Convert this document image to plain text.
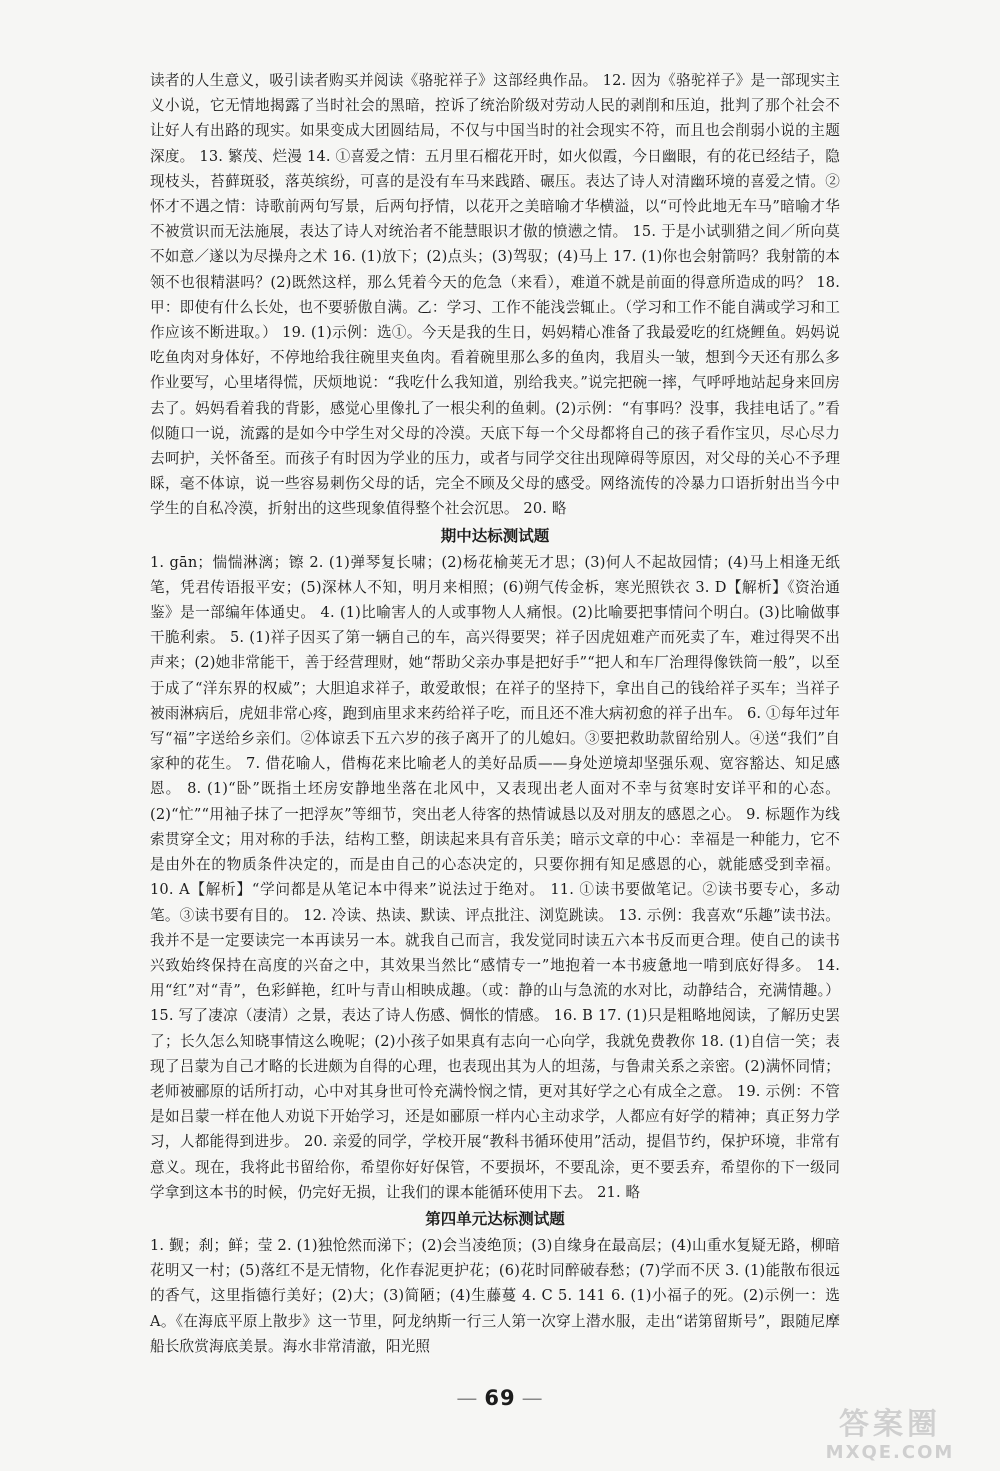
读者的人生意义，吸引读者购买并阅读《骆驼祥子》这部经典作品。 12. 因为《骆驼祥子》是一部现实主义小说，它无情地揭露了当时社会的黑暗，控诉了统治阶级对劳动人民的剥削和压迫，批判了那个社会不让好人有出路的现实。如果变成大团圆结局，不仅与中国当时的社会现实不符，而且也会削弱小说的主题深度。 13. 繁茂、烂漫 14. ①喜爱之情：五月里石榴花开时，如火似霞，今日幽眼，有的花已经结子，隐现枝头，苔藓斑驳，落英缤纷，可喜的是没有车马来践踏、碾压。表达了诗人对清幽环境的喜爱之情。②怀才不遇之情：诗歌前两句写景，后两句抒情，以花开之美暗喻才华横溢，以“可怜此地无车马”暗喻才华不被赏识而无法施展，表达了诗人对统治者不能慧眼识才傲的愤懑之情。 15. 于是小试驯猎之间／所向莫不如意／遂以为尽操舟之术 16. (1)放下；(2)点头；(3)驾驭；(4)马上 17. (1)你也会射箭吗？我射箭的本领不也很精湛吗？(2)既然这样，那么凭着今天的危急（来看），难道不就是前面的得意所造成的吗？ 18. 甲：即使有什么长处，也不要骄傲自满。乙：学习、工作不能浅尝辄止。（学习和工作不能自满或学习和工作应该不断进取。） 19. (1)示例：选①。今天是我的生日，妈妈精心准备了我最爱吃的红烧鲤鱼。妈妈说吃鱼肉对身体好，不停地给我往碗里夹鱼肉。看着碗里那么多的鱼肉，我眉头一皱，想到今天还有那么多作业要写，心里堵得慌，厌烦地说：“我吃什么我知道，别给我夹。”说完把碗一摔，气呼呼地站起身来回房去了。妈妈看着我的背影，感觉心里像扎了一根尖利的鱼刺。(2)示例：“有事吗？没事，我挂电话了。”看似随口一说，流露的是如今中学生对父母的冷漠。天底下每一个父母都将自己的孩子看作宝贝，尽心尽力去呵护，关怀备至。而孩子有时因为学业的压力，或者与同学交往出现障碍等原因，对父母的关心不予理睬，毫不体谅，说一些容易刺伤父母的话，完全不顾及父母的感受。网络流传的冷暴力口语折射出当今中学生的自私冷漠，折射出的这些现象值得整个社会沉思。 20. 略

期中达标测试题

1. gān；惴惴淋漓；镲 2. (1)弹琴复长啸；(2)杨花榆荚无才思；(3)何人不起故园情；(4)马上相逢无纸笔，凭君传语报平安；(5)深林人不知，明月来相照；(6)朔气传金柝，寒光照铁衣 3. D【解析】《资治通鉴》是一部编年体通史。 4. (1)比喻害人的人或事物人人痛恨。(2)比喻要把事情问个明白。(3)比喻做事干脆利索。 5. (1)祥子因买了第一辆自己的车，高兴得要哭；祥子因虎妞难产而死卖了车，难过得哭不出声来；(2)她非常能干，善于经营理财，她“帮助父亲办事是把好手”“把人和车厂治理得像铁筒一般”，以至于成了“洋东界的权威”；大胆追求祥子，敢爱敢恨；在祥子的坚持下，拿出自己的钱给祥子买车；当祥子被雨淋病后，虎妞非常心疼，跑到庙里求来药给祥子吃，而且还不准大病初愈的祥子出车。 6. ①每年过年写“福”字送给乡亲们。②体谅丢下五六岁的孩子离开了的儿媳妇。③要把救助款留给别人。④送“我们”自家种的花生。 7. 借花喻人，借梅花来比喻老人的美好品质——身处逆境却坚强乐观、宽容豁达、知足感恩。 8. (1)“卧”既指土坯房安静地坐落在北风中，又表现出老人面对不幸与贫寒时安详平和的心态。(2)“忙”“用袖子抹了一把浮灰”等细节，突出老人待客的热情诚恳以及对朋友的感恩之心。 9. 标题作为线索贯穿全文；用对称的手法，结构工整，朗读起来具有音乐美；暗示文章的中心：幸福是一种能力，它不是由外在的物质条件决定的，而是由自己的心态决定的，只要你拥有知足感恩的心，就能感受到幸福。 10. A【解析】“学问都是从笔记本中得来”说法过于绝对。 11. ①读书要做笔记。②读书要专心，多动笔。③读书要有目的。 12. 冷读、热读、默读、评点批注、浏览跳读。 13. 示例：我喜欢“乐趣”读书法。我并不是一定要读完一本再读另一本。就我自己而言，我发觉同时读五六本书反而更合理。使自己的读书兴致始终保持在高度的兴奋之中，其效果当然比“感情专一”地抱着一本书疲惫地一啃到底好得多。 14. 用“红”对“青”，色彩鲜艳，红叶与青山相映成趣。（或：静的山与急流的水对比，动静结合，充满情趣。） 15. 写了凄凉（凄清）之景，表达了诗人伤感、惆怅的情感。 16. B 17. (1)只是粗略地阅读，了解历史罢了；长久怎么知晓事情这么晚呢；(2)小孩子如果真有志向一心向学，我就免费教你 18. (1)自信一笑；表现了吕蒙为自己才略的长进颇为自得的心理，也表现出其为人的坦荡，与鲁肃关系之亲密。(2)满怀同情；老师被郦原的话所打动，心中对其身世可怜充满怜悯之情，更对其好学之心有成全之意。 19. 示例：不管是如吕蒙一样在他人劝说下开始学习，还是如郦原一样内心主动求学，人都应有好学的精神；真正努力学习，人都能得到进步。 20. 亲爱的同学，学校开展“教科书循环使用”活动，提倡节约，保护环境，非常有意义。现在，我将此书留给你，希望你好好保管，不要损坏，不要乱涂，更不要丢弃，希望你的下一级同学拿到这本书的时候，仍完好无损，让我们的课本能循环使用下去。 21. 略

第四单元达标测试题

1. 觐；刹；鲜；莹 2. (1)独怆然而涕下；(2)会当凌绝顶；(3)自缘身在最高层；(4)山重水复疑无路，柳暗花明又一村；(5)落红不是无情物，化作春泥更护花；(6)花时同醉破春愁；(7)学而不厌 3. (1)能散布很远的香气，这里指德行美好；(2)大；(3)简陋；(4)生藤蔓 4. C 5. 141 6. (1)小福子的死。(2)示例一：选A。《在海底平原上散步》这一节里，阿龙纳斯一行三人第一次穿上潜水服，走出“诺第留斯号”，跟随尼摩船长欣赏海底美景。海水非常清澈，阳光照

— 69 —
答案圈
MXQE.COM
